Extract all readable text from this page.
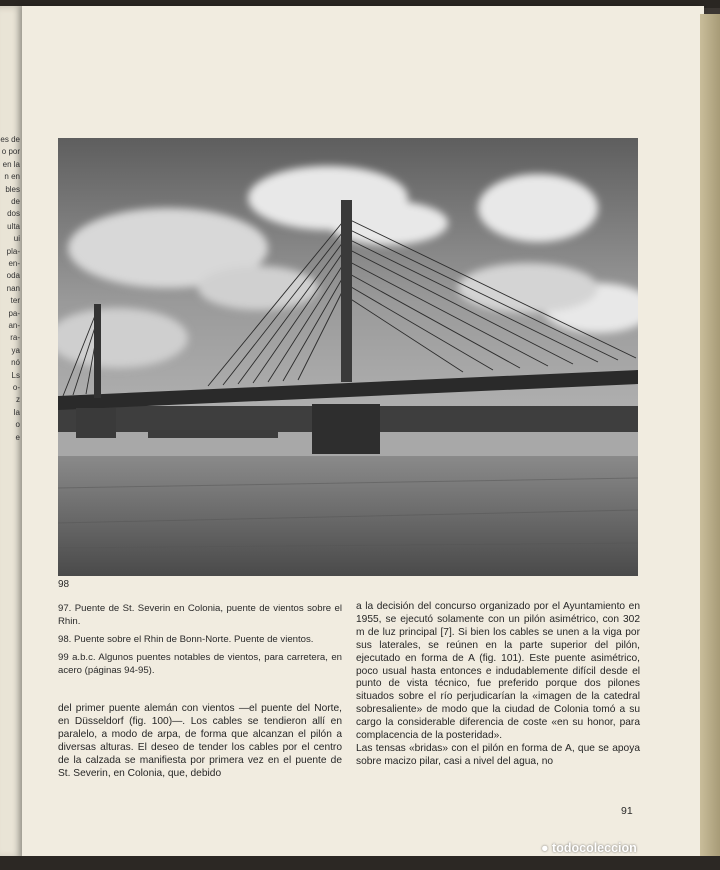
es de
o por
en la
n en
bles
de
dos
ulta
ui
pla-
en-
oda
nan
ter
pa-
an-
ra-
ya
nó
Ls
o-
z
Ia
o
e
98

97. Puente de St. Severin en Colonia, puente de vientos sobre el Rhin.

98. Puente sobre el Rhin de Bonn-Norte. Puente de vientos.

99 a.b.c. Algunos puentes notables de vientos, para carretera, en acero (páginas 94-95).

del primer puente alemán con vientos —el puente del Norte, en Düsseldorf (fig. 100)—. Los cables se tendieron allí en paralelo, a modo de arpa, de forma que alcanzan el pilón a diversas alturas. El deseo de tender los cables por el centro de la calzada se manifiesta por primera vez en el puente de St. Severin, en Colonia, que, debido

a la decisión del concurso organizado por el Ayuntamiento en 1955, se ejecutó solamente con un pilón asimétrico, con 302 m de luz principal [7]. Si bien los cables se unen a la viga por sus laterales, se reúnen en la parte superior del pilón, ejecutado en forma de A (fig. 101). Este puente asimétrico, poco usual hasta entonces e indudablemente difícil desde el punto de vista técnico, fue preferido porque dos pilones situados sobre el río perjudicarían la «imagen de la catedral sobresaliente» de modo que la ciudad de Colonia tomó a su cargo la considerable diferencia de coste «en su honor, para complacencia de la posteridad».

Las tensas «bridas» con el pilón en forma de A, que se apoya sobre macizo pilar, casi a nivel del agua, no

91
● todocoleccion
